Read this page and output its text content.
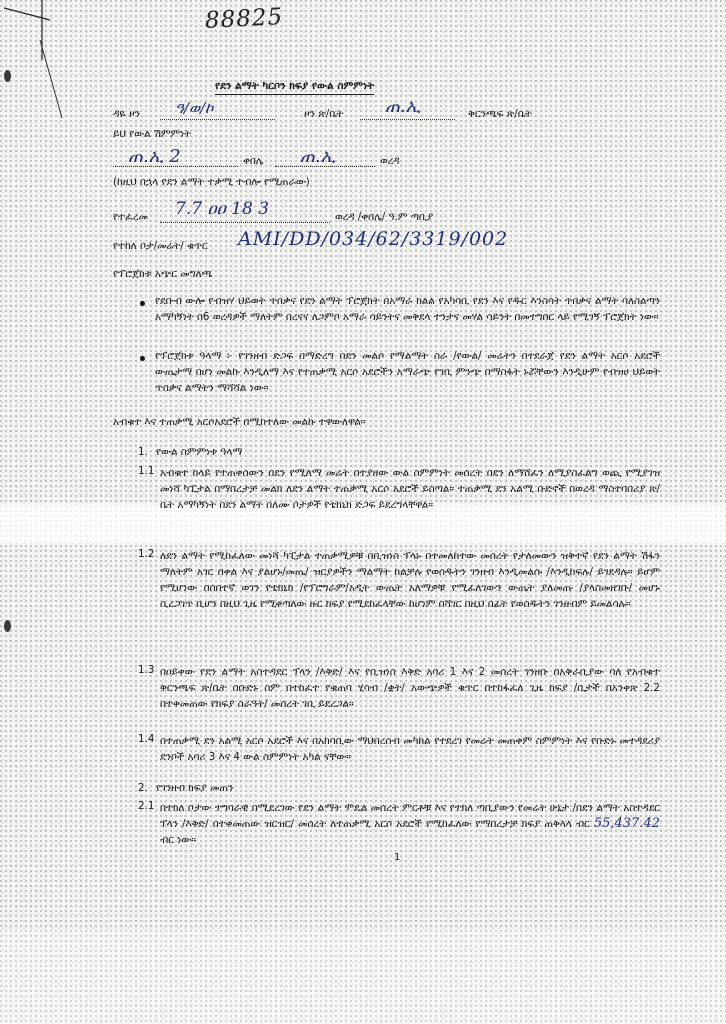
88825
የደን ልማት ካርቦን ክፍያ የውል ስምምነት
ዳዬ ዞን ዓ/ወ/ኮ	ዞን ጽ/ቤት ጠ.ኢ	ቅርንጫፍ ጽ/ቤት
ይህ የውል ሽምምነት
ጠ.ኢ 2	ቀበሌ ጠ.ኢ	ወረዳ
(ከዚህ በኋላ የደን ልማት ተቃሚ ተብሎ የሚጠራው)
የተፈረመ 7.7 ዐዐ 18 3	ወረዳ /ቀበሌ/ ዓ.ም ጣቢያ
የተከለ ቦታ/መሬት/ ቁጥር AMI/DD/034/62/3319/002
የፕሮጀክቱ አጭር መግለጫ
የደቡብ ውሎ የብዝሃ ህይወት ጥበቃና የደን ልማት ፕሮጀክት በአማራ ክልል የአካባቢ የደን እና የዱር እንስሳት ጥበቃና ልማት ባለስልጣን አማካኝነት በ6 ወረዳዎች ማለትም በረናና ለጋምቦ አማራ ሳይንትና መቅደላ ተንታና መሃል ሳይንት በመተግበር ላይ የሚገኝ ፕሮጀክት ነው።
የፕሮጀክቱ ዓላማ ፦ የገንዘብ ድጋፍ በማድረግ በደን መልሶ የማልማት ስራ /የውል/ መሬትን በተደራጀ የደን ልማት አርሶ አደሮች ውጤታማ በሆነ መልኩ እንዲለማ እና የተጠቃሚ አርሶ አደሮችን አማራጭ የገቢ ምንጭ በማስፋት ኑሯቸውን እንዲሁም የብዝሀ ህይወት ጥበቃና ልማትን ማሻሻል ነው።
አብቁተ እና ተጠቃሚ አርሶአደሮች በሚከተለው መልኩ ተዋውለዋል።
1. የውል ስምምነቱ ዓላማ
1.1 አብቁተ ከላይ የተጠቀሰውን በደን የሚለማ መሬት በተያዘው ውል ስምምነት መሰረት በደን ለማሸፈን ለሚያስፈልግ ወጪ የሚያገዝ መነሻ ካፒታል በማበረታቻ መልክ ለደን ልማት ተጠቃሚ አርሶ አደሮች ይሰጣል። ተጠቃሚ ደን አልሚ ቡድኖች በወረዳ ማስተባበሪያ ጽ/ቤት አማካኝነት በደን ልማት በለሙ ቦታዎች የቴክኒክ ድጋፍ ይደረግላቸዋል።
1.2 ለደን ልማት የሚከፈለው መነሻ ካፒታል ተጠቃሚዎቹ በቢዝነስ ፕላኑ በተመለከተው መሰረት የታለመውን ዝቅተኛ የደን ልማት ሽፋን ማለትም አገር በቀል እና ያልሆኑ/መጤ/ ዝርያዎችን ማልማት ከልቻሉ የወሰዱትን ገንዘብ እንዲመልሱ /እንዲከፍሉ/ ይገደዳሉ። ይሆም የሚሆነው በሰበተኛ ወገን የቴክኒክ /የፕሮግራም/አዲት ውጤት አለማዎቹ የሚፈለገውን ውጤት ያለመጡ /ያላስመዘገቡ/ መሆኑ ሲረጋገጥ ቢሆን በዚህ ጊዜ የሚቀጣለው ዙር ክፍያ የሚደከፈላቸው ከሆነም በሻገር በዚህ በፊት የወሰዱትን ገንዘብም ይመልሳሉ።
1.3 በዐይቀው የደን ልማት አስተዳደር ፕላን /እቅድ/ እና የቢዝነስ እቅድ አባሪ 1 እና 2 መሰረት ገንዘቡ በአቅራቢያው ባለ የአብቁተ ቅርንጫፍ ጽ/ቤት በቡድኑ ስም በተከፈተ የቁጠባ ሂሳብ /ቋት/ አውጭዎች ቁጥር በተከፋፈለ ጊዜ ክፍያ /ቢታች በአንቀጽ 2.2 በተቀመጠው የክፍያ ስራዓት/ መሰረት ገቢ ይደረጋል።
1.4 በተጠቃሚ ደን አልሚ አርሶ አደሮች እና በአከባቢው ማህበረሰብ መካከል የተደረገ የመሬት መጠቀም ስምምነት እና የቡድኑ መተዳደሪያ ደንቦች አባሪ 3 እና 4 ውል ስምምነት አካል ናቸው።
2. የገንዘብ ክፍያ መጠን
2.1 በተክለ ቦታው ተግባራዊ በሚደረገው የደን ልማት ሞዴል መሰረት ምርቶቹ እና የተክለ ጣቢያውን የመሬት ሁኔታ /በደን ልማት አስተዳደር ፕላን /እቅድ/ በተቀመጠው ዝርዝር/ መሰረት ለተጠቃሚ አርሶ አደሮች የሚከፈለው የማበረታቻ ክፍያ ጠቅላላ ብር 55,437.42 ብር ነው።
1
